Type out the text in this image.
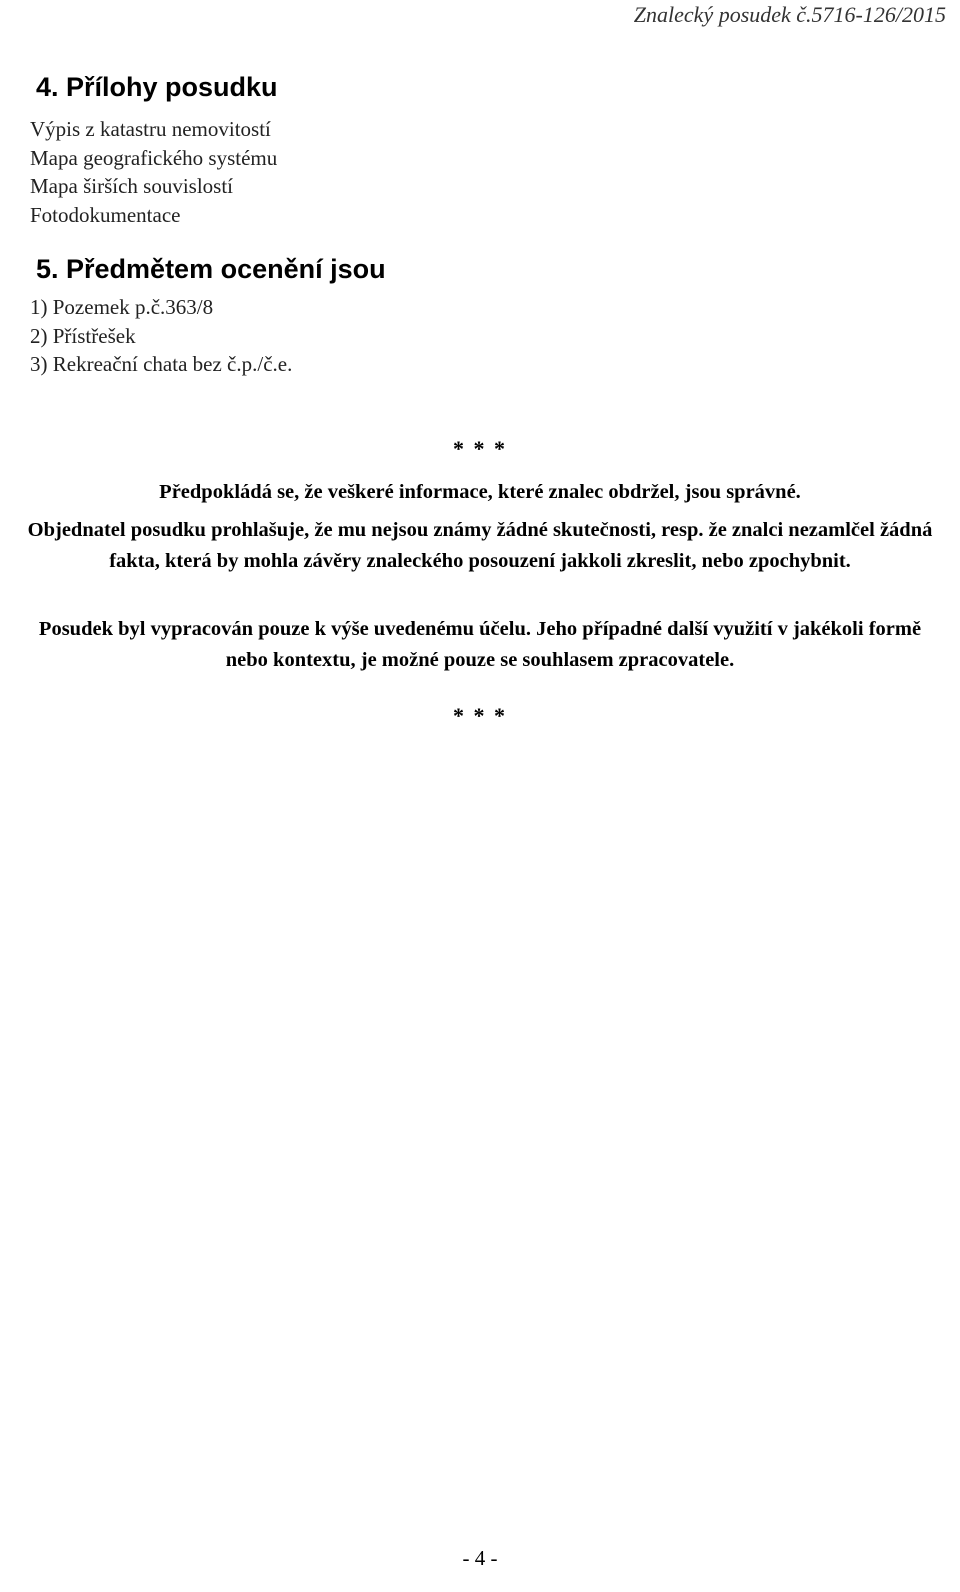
Znalecký posudek č.5716-126/2015
4. Přílohy posudku
Výpis z katastru nemovitostí
Mapa geografického systému
Mapa širších souvislostí
Fotodokumentace
5. Předmětem ocenění jsou
1) Pozemek p.č.363/8
2) Přístřešek
3) Rekreační chata bez č.p./č.e.
* * *

Předpokládá se, že veškeré informace, které znalec obdržel, jsou správné.

Objednatel posudku prohlašuje, že mu nejsou známy žádné skutečnosti, resp. že znalci nezamlčel žádná fakta, která by mohla závěry znaleckého posouzení jakkoli zkreslit, nebo zpochybnit.

Posudek byl vypracován pouze k výše uvedenému účelu. Jeho případné další využití v jakékoli formě nebo kontextu, je možné pouze se souhlasem zpracovatele.

* * *
- 4 -
